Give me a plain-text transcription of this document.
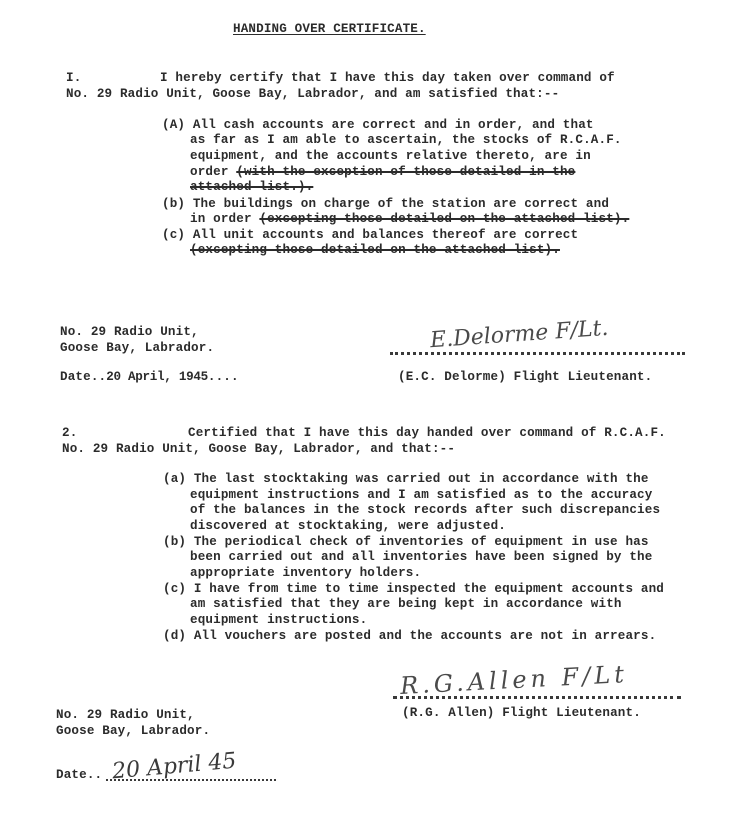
HANDING OVER CERTIFICATE.
I.	I hereby certify that I have this day taken over command of
No. 29 Radio Unit, Goose Bay, Labrador, and am satisfied that:--
(A) All cash accounts are correct and in order, and that
as far as I am able to ascertain, the stocks of R.C.A.F.
equipment, and the accounts relative thereto, are in
order (with the exception of those detailed in the
attached list.).
(b) The buildings on charge of the station are correct and
in order (excepting those detailed on the attached list).
(c) All unit accounts and balances thereof are correct
(excepting those detailed on the attached list).
No. 29 Radio Unit,
Goose Bay, Labrador.	E.Delorme F/Lt.
(E.C. Delorme) Flight Lieutenant.
Date..20 April, 1945....
2.	Certified that I have this day handed over command of R.C.A.F.
No. 29 Radio Unit, Goose Bay, Labrador, and that:--
(a) The last stocktaking was carried out in accordance with the
equipment instructions and I am satisfied as to the accuracy
of the balances in the stock records after such discrepancies
discovered at stocktaking, were adjusted.
(b) The periodical check of inventories of equipment in use has
been carried out and all inventories have been signed by the
appropriate inventory holders.
(c) I have from time to time inspected the equipment accounts and
am satisfied that they are being kept in accordance with
equipment instructions.
(d) All vouchers are posted and the accounts are not in arrears.
R.G.Allen F/Lt
(R.G. Allen) Flight Lieutenant.
No. 29 Radio Unit,
Goose Bay, Labrador.
Date.. 20 April 45
